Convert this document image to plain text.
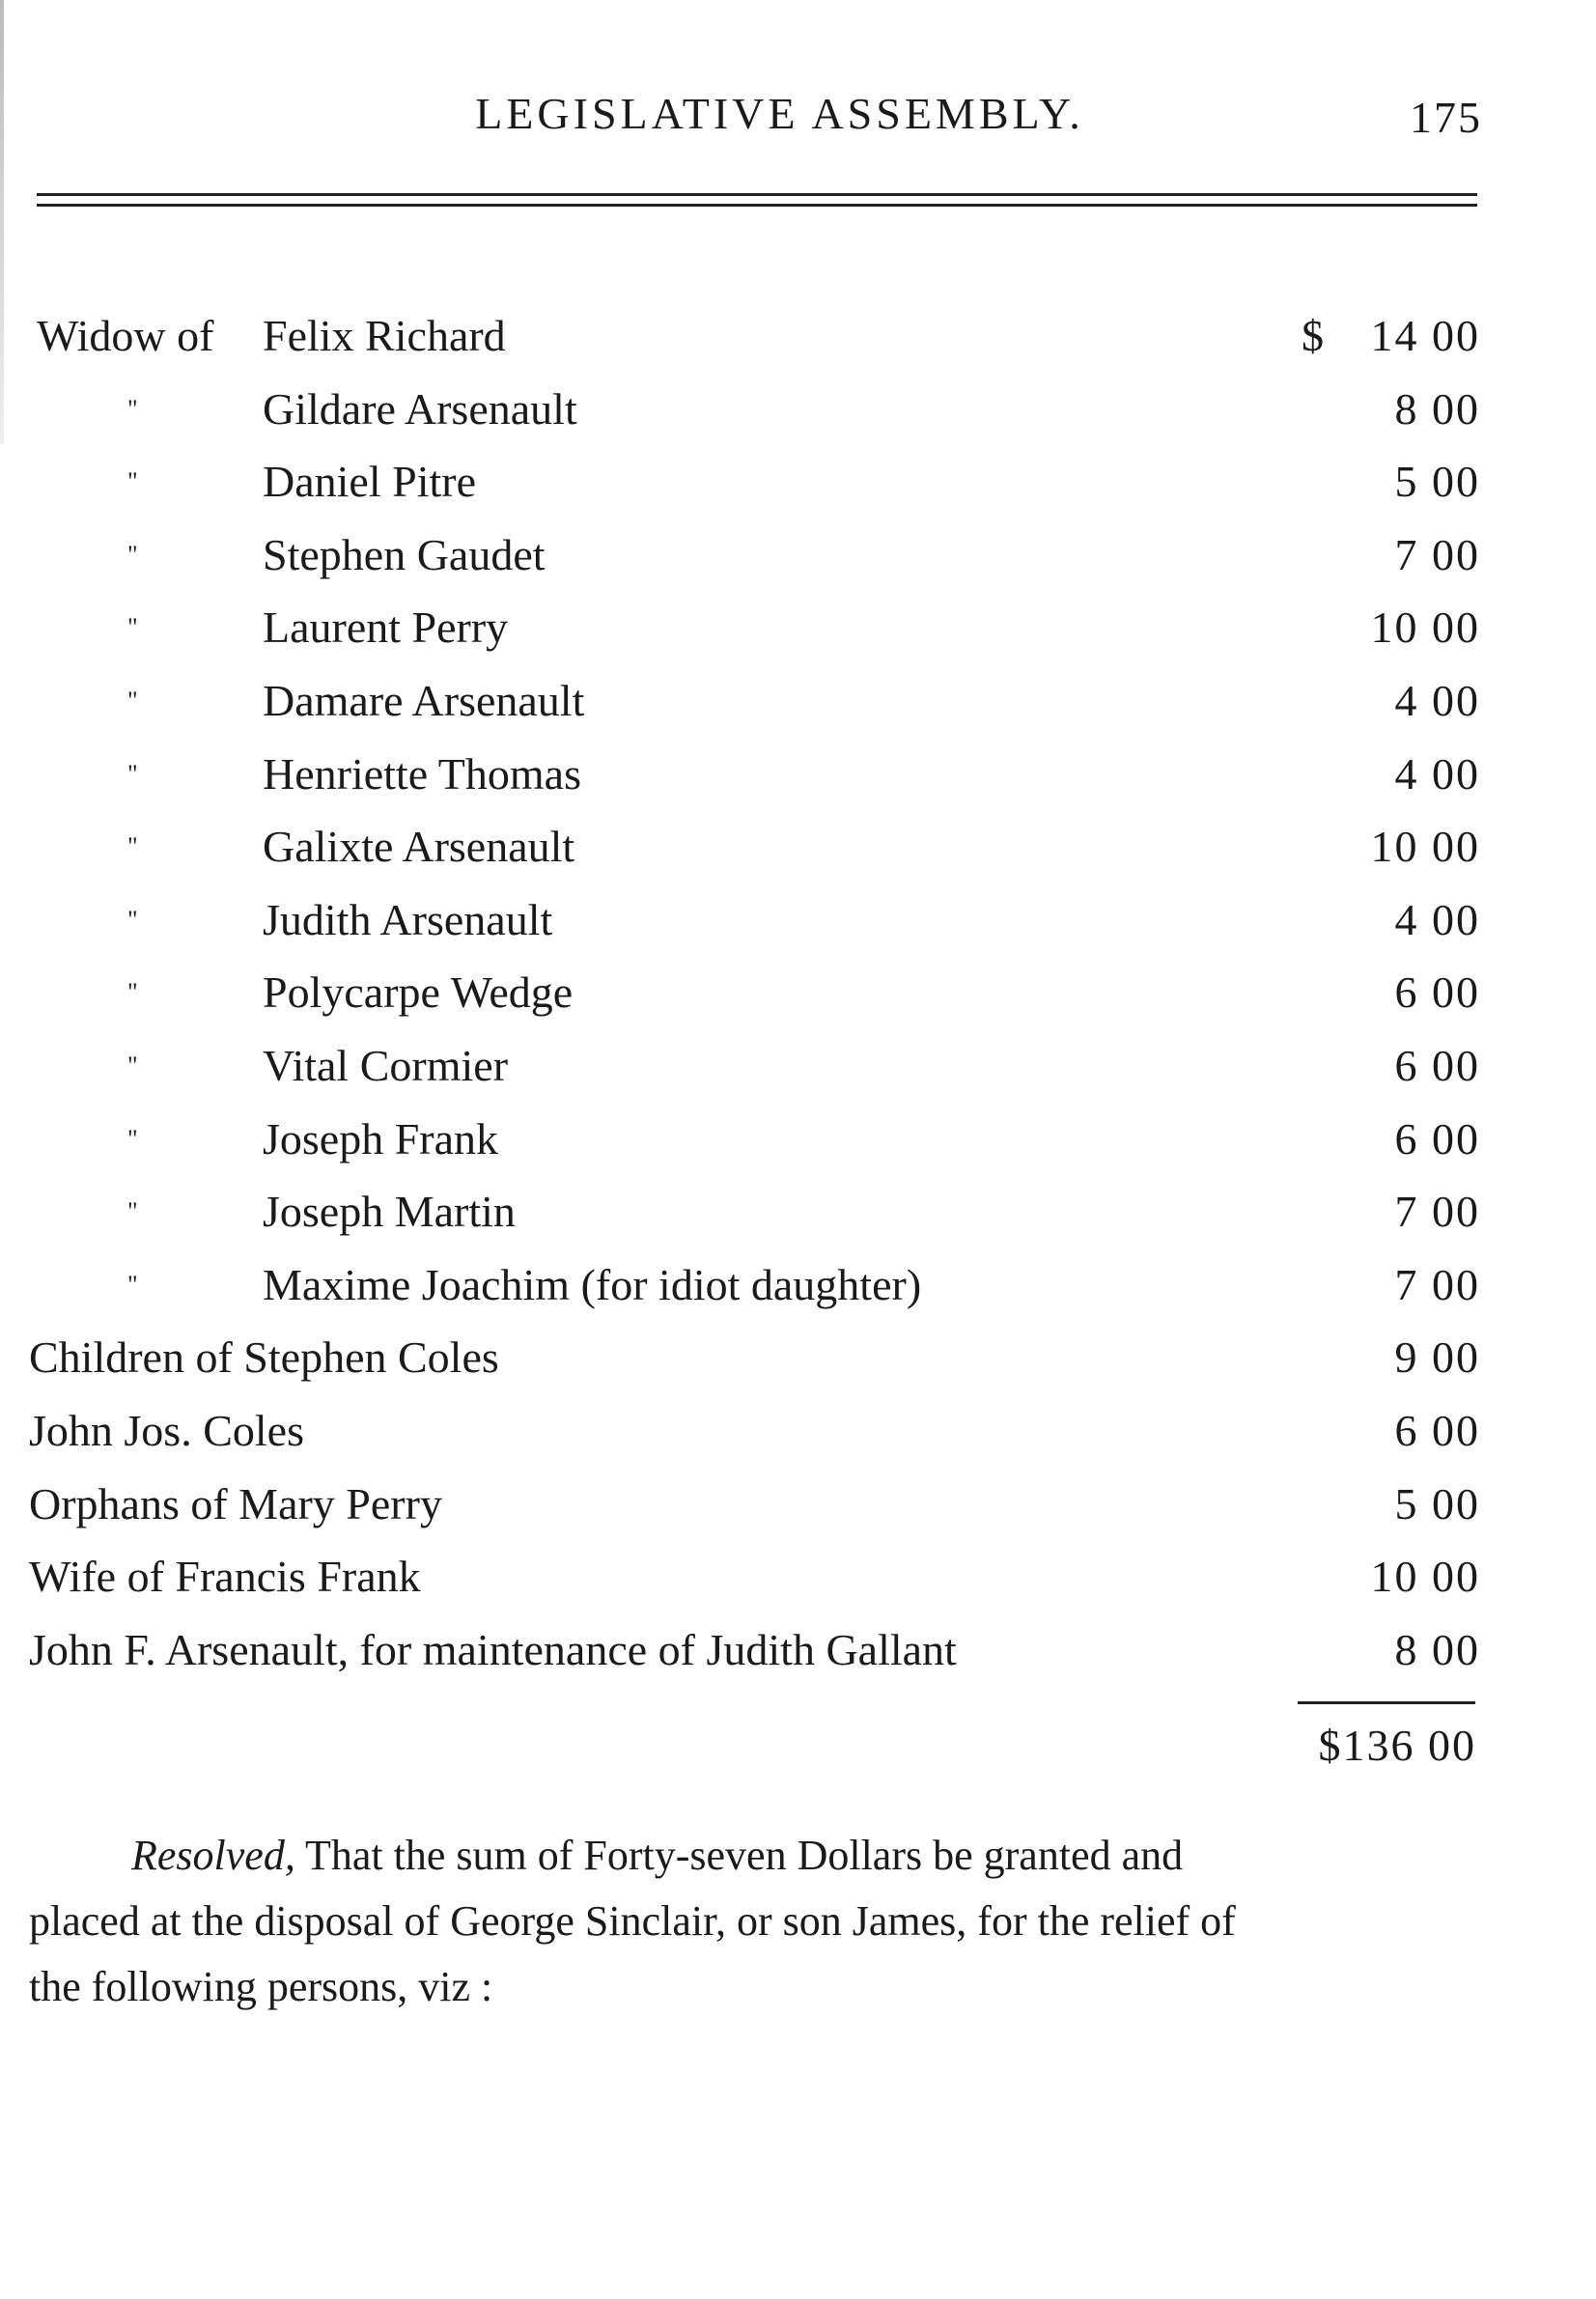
LEGISLATIVE ASSEMBLY.	175
Widow of Felix Richard	$ 14 00
"	Gildare Arsenault	8 00
"	Daniel Pitre	5 00
"	Stephen Gaudet	7 00
"	Laurent Perry	10 00
"	Damare Arsenault	4 00
"	Henriette Thomas	4 00
"	Galixte Arsenault	10 00
"	Judith Arsenault	4 00
"	Polycarpe Wedge	6 00
"	Vital Cormier	6 00
"	Joseph Frank	6 00
"	Joseph Martin	7 00
"	Maxime Joachim (for idiot daughter)	7 00
Children of Stephen Coles	9 00
John Jos. Coles	6 00
Orphans of Mary Perry	5 00
Wife of Francis Frank	10 00
John F. Arsenault, for maintenance of Judith Gallant	8 00
$136 00
Resolved, That the sum of Forty-seven Dollars be granted and placed at the disposal of George Sinclair, or son James, for the relief of the following persons, viz :
